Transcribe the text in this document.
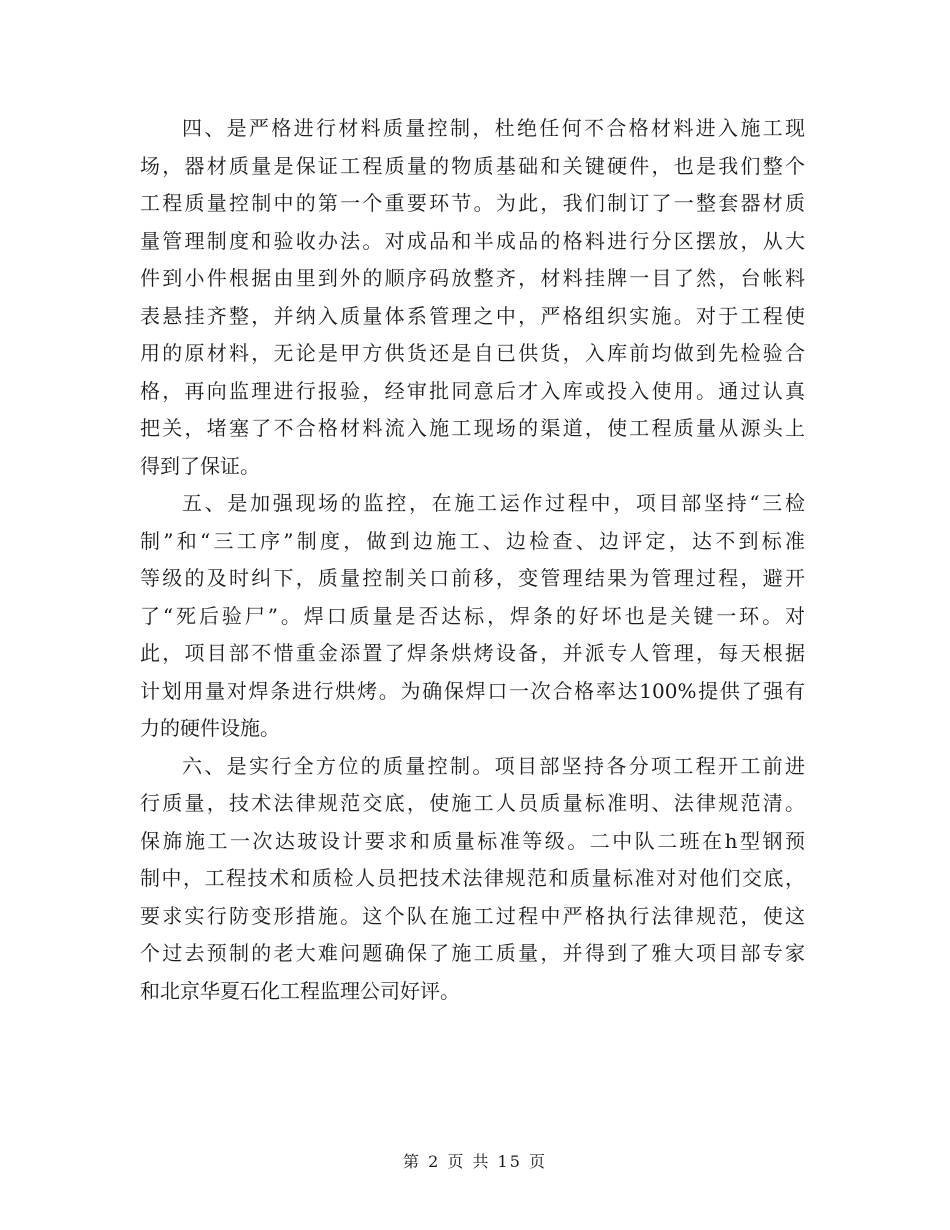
四、是严格进行材料质量控制，杜绝任何不合格材料进入施工现
场，器材质量是保证工程质量的物质基础和关键硬件，也是我们整个
工程质量控制中的第一个重要环节。为此，我们制订了一整套器材质
量管理制度和验收办法。对成品和半成品的格料进行分区摆放，从大
件到小件根据由里到外的顺序码放整齐，材料挂牌一目了然，台帐料
表悬挂齐整，并纳入质量体系管理之中，严格组织实施。对于工程使
用的原材料，无论是甲方供货还是自已供货，入库前均做到先检验合
格，再向监理进行报验，经审批同意后才入库或投入使用。通过认真
把关，堵塞了不合格材料流入施工现场的渠道，使工程质量从源头上
得到了保证。
五、是加强现场的监控，在施工运作过程中，项目部坚持“三检
制”和“三工序”制度，做到边施工、边检查、边评定，达不到标准
等级的及时纠下，质量控制关口前移，变管理结果为管理过程，避开
了“死后验尸”。焊口质量是否达标，焊条的好坏也是关键一环。对
此，项目部不惜重金添置了焊条烘烤设备，并派专人管理，每天根据
计划用量对焊条进行烘烤。为确保焊口一次合格率达100%提供了强有
力的硬件设施。
六、是实行全方位的质量控制。项目部坚持各分项工程开工前进
行质量，技术法律规范交底，使施工人员质量标准明、法律规范清。
保旆施工一次达玻设计要求和质量标准等级。二中队二班在h型钢预
制中，工程技术和质检人员把技术法律规范和质量标准对对他们交底，
要求实行防变形措施。这个队在施工过程中严格执行法律规范，使这
个过去预制的老大难问题确保了施工质量，并得到了雅大项目部专家
和北京华夏石化工程监理公司好评。
第 2 页 共 15 页
